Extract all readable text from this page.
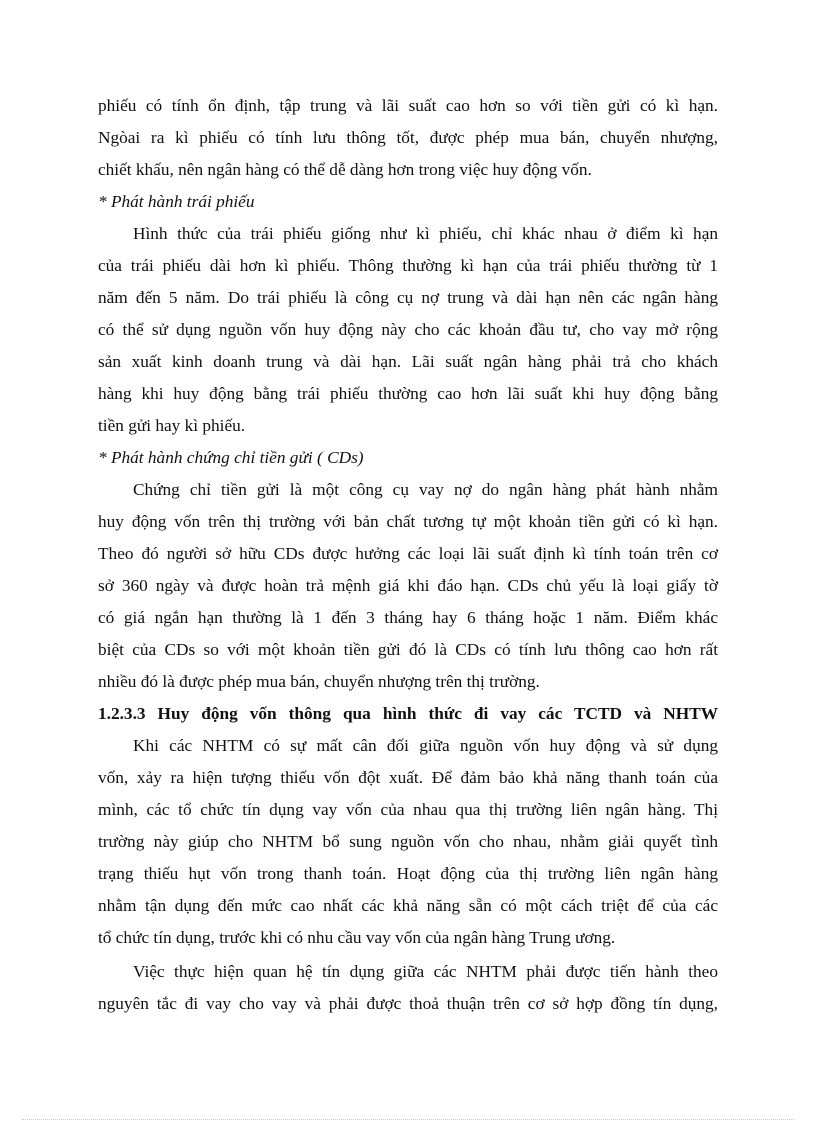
phiếu có tính ổn định, tập trung và lãi suất cao hơn so với tiền gửi có kì hạn.
Ngòai ra kì phiếu có tính lưu thông tốt, được phép mua bán, chuyển nhượng,
chiết khấu, nên ngân hàng có thể dễ dàng hơn trong việc huy động vốn.
* Phát hành trái phiếu
Hình thức của trái phiếu giống như kì phiếu, chỉ khác nhau ở điểm kì hạn
của trái phiếu dài hơn kì phiếu. Thông thường kì hạn của trái phiếu thường từ 1
năm đến 5 năm. Do trái phiếu là công cụ nợ trung và dài hạn nên các ngân hàng
có thể sử dụng nguồn vốn huy động này cho các khoản đầu tư, cho vay mở rộng
sản xuất kinh doanh trung và dài hạn. Lãi suất ngân hàng phải trả cho khách
hàng khi huy động bằng trái phiếu thường cao hơn lãi suất khi huy động bằng
tiền gửi hay kì phiếu.
* Phát hành chứng chỉ tiền gửi ( CDs)
Chứng chỉ tiền gửi là một công cụ vay nợ do ngân hàng phát hành nhằm
huy động vốn trên thị trường với bản chất tương tự một khoản tiền gửi có kì hạn.
Theo đó người sở hữu CDs được hưởng các loại lãi suất định kì tính toán trên cơ
sở 360 ngày và được hoàn trả mệnh giá khi đáo hạn. CDs chủ yếu là loại giấy tờ
có giá ngắn hạn thường là 1 đến 3 tháng hay 6 tháng hoặc 1 năm. Điểm khác
biệt của CDs so với một khoản tiền gửi đó là CDs có tính lưu thông cao hơn rất
nhiều đó là được phép mua bán, chuyển nhượng trên thị trường.
1.2.3.3 Huy động vốn thông qua hình thức đi vay các TCTD và NHTW
Khi các NHTM có sự mất cân đối giữa nguồn vốn huy động và sử dụng
vốn, xảy ra hiện tượng thiếu vốn đột xuất. Để đảm bảo khả năng thanh toán của
mình, các tổ chức tín dụng vay vốn của nhau qua thị trường liên ngân hàng. Thị
trường này giúp cho NHTM bổ sung nguồn vốn cho nhau, nhằm giải quyết tình
trạng thiếu hụt vốn trong thanh toán. Hoạt động của thị trường liên ngân hàng
nhằm tận dụng đến mức cao nhất các khả năng sẵn có một cách triệt để của các
tổ chức tín dụng, trước khi có nhu cầu vay vốn của ngân hàng Trung ương.
Việc thực hiện quan hệ tín dụng giữa các NHTM phải được tiến hành theo
nguyên tắc đi vay cho vay và phải được thoả thuận trên cơ sở hợp đồng tín dụng,
